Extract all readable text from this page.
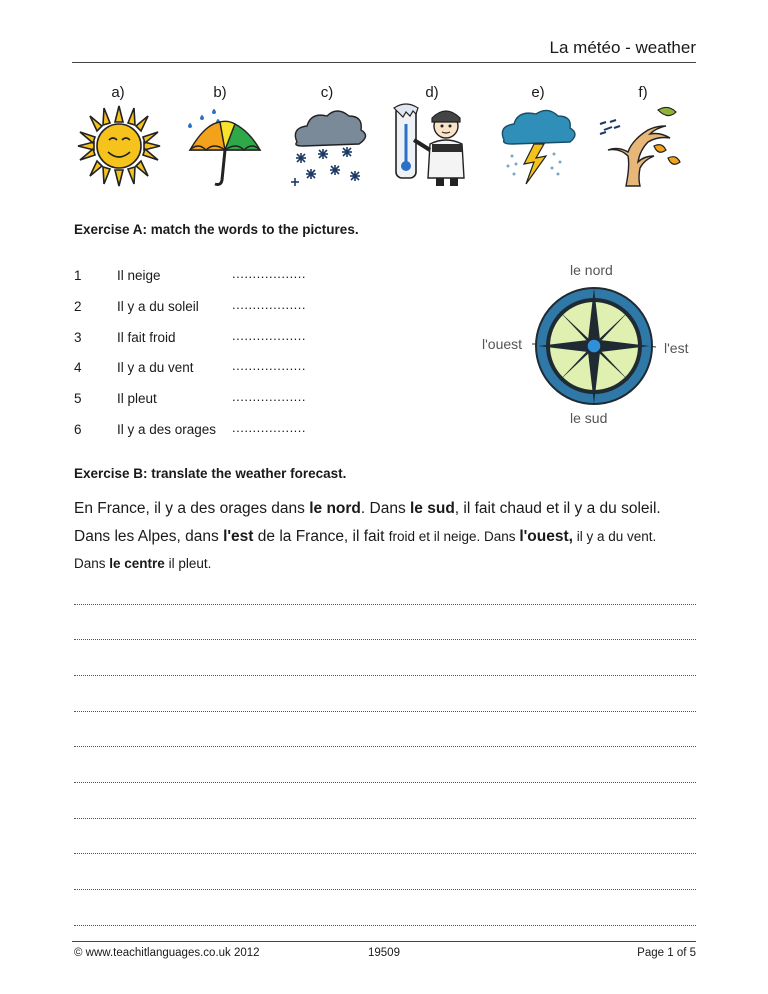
La météo - weather
a)	b)	c)	d)	e)	f)
Exercise A: match the words to the pictures.
1	Il neige	..................
2	Il y a du soleil	..................
3	Il fait froid	..................
4	Il y a du vent	..................
5	Il pleut	..................
6	Il y a des orages ..................
le nord
le sud
l'ouest	l'est
Exercise B: translate the weather forecast.
En France, il y a des orages dans le nord. Dans le sud, il fait chaud et il y a du soleil.
Dans les Alpes, dans l'est de la France, il fait froid et il neige. Dans l'ouest, il y a du vent.
Dans le centre il pleut.
© www.teachitlanguages.co.uk 2012	19509	Page 1 of 5
